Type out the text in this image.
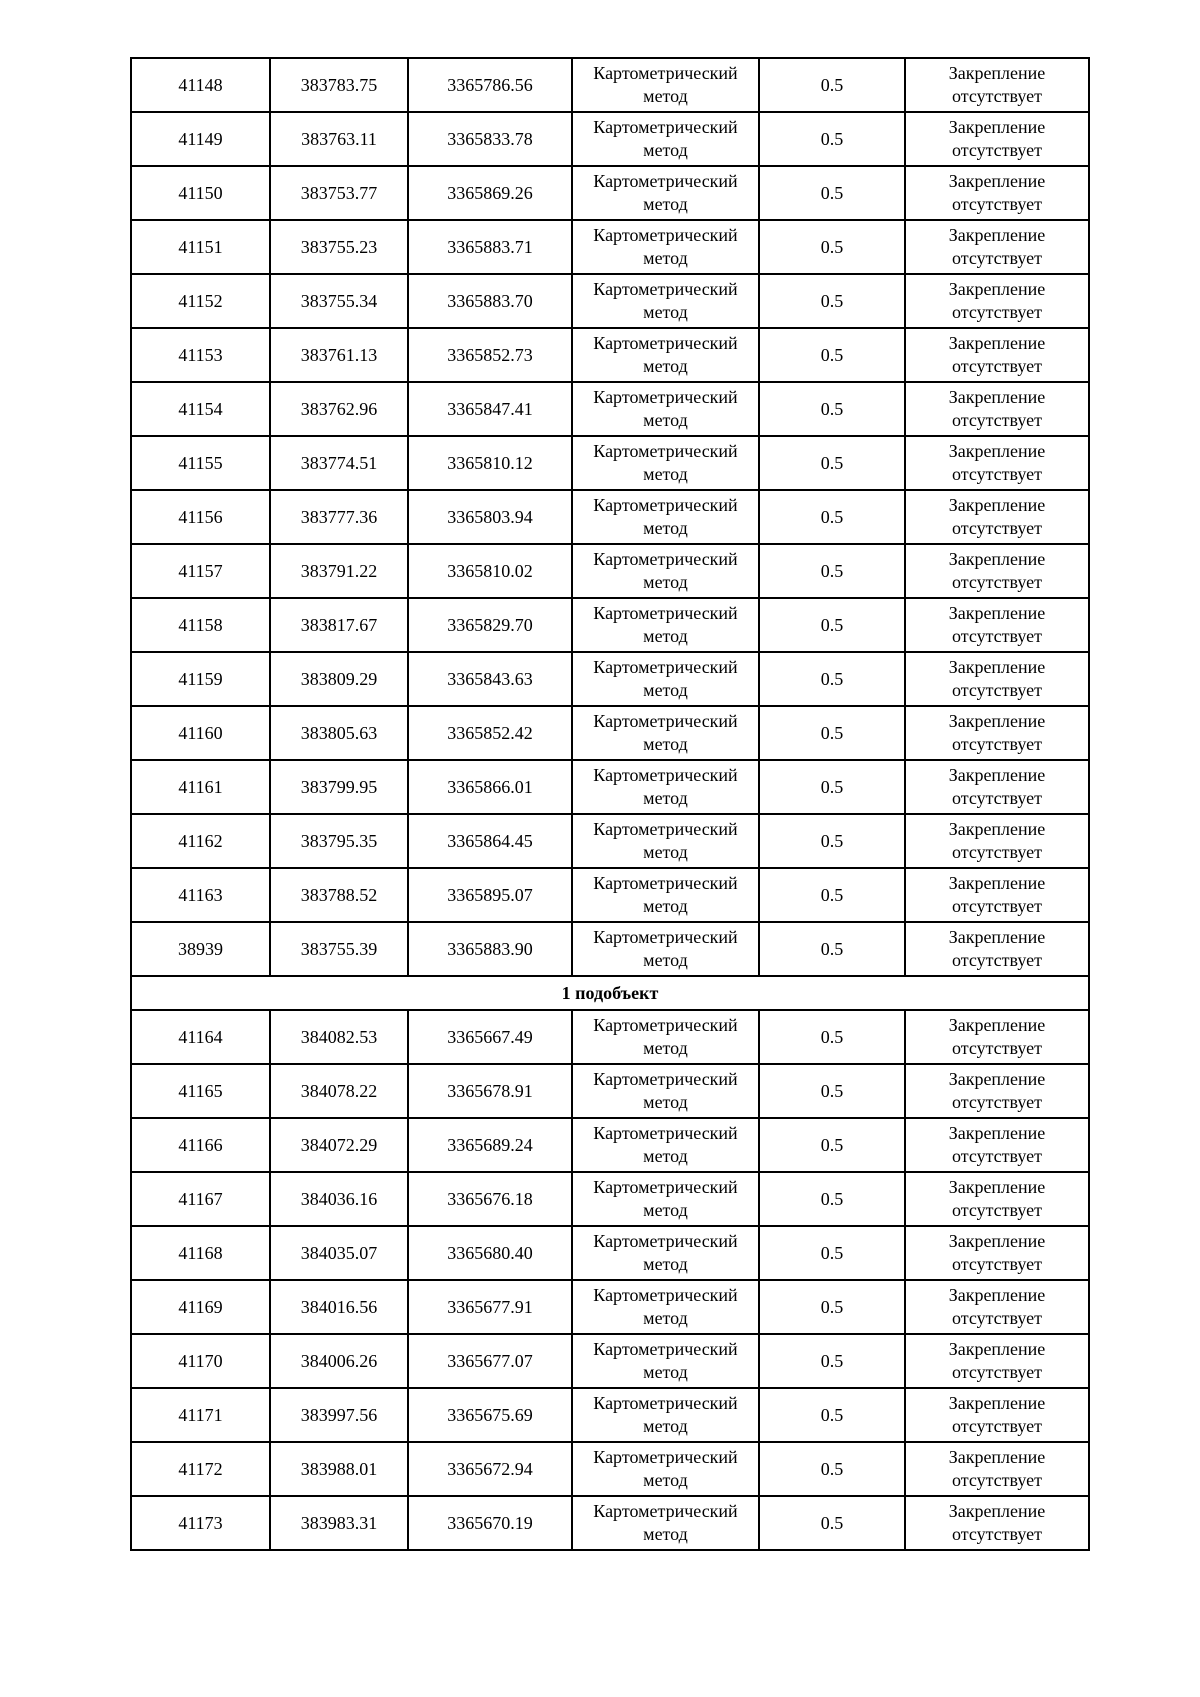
41148	383783.75	3365786.56	Картометрический метод	0.5	Закрепление отсутствует
41149	383763.11	3365833.78	Картометрический метод	0.5	Закрепление отсутствует
41150	383753.77	3365869.26	Картометрический метод	0.5	Закрепление отсутствует
41151	383755.23	3365883.71	Картометрический метод	0.5	Закрепление отсутствует
41152	383755.34	3365883.70	Картометрический метод	0.5	Закрепление отсутствует
41153	383761.13	3365852.73	Картометрический метод	0.5	Закрепление отсутствует
41154	383762.96	3365847.41	Картометрический метод	0.5	Закрепление отсутствует
41155	383774.51	3365810.12	Картометрический метод	0.5	Закрепление отсутствует
41156	383777.36	3365803.94	Картометрический метод	0.5	Закрепление отсутствует
41157	383791.22	3365810.02	Картометрический метод	0.5	Закрепление отсутствует
41158	383817.67	3365829.70	Картометрический метод	0.5	Закрепление отсутствует
41159	383809.29	3365843.63	Картометрический метод	0.5	Закрепление отсутствует
41160	383805.63	3365852.42	Картометрический метод	0.5	Закрепление отсутствует
41161	383799.95	3365866.01	Картометрический метод	0.5	Закрепление отсутствует
41162	383795.35	3365864.45	Картометрический метод	0.5	Закрепление отсутствует
41163	383788.52	3365895.07	Картометрический метод	0.5	Закрепление отсутствует
38939	383755.39	3365883.90	Картометрический метод	0.5	Закрепление отсутствует
1 подобъект					
41164	384082.53	3365667.49	Картометрический метод	0.5	Закрепление отсутствует
41165	384078.22	3365678.91	Картометрический метод	0.5	Закрепление отсутствует
41166	384072.29	3365689.24	Картометрический метод	0.5	Закрепление отсутствует
41167	384036.16	3365676.18	Картометрический метод	0.5	Закрепление отсутствует
41168	384035.07	3365680.40	Картометрический метод	0.5	Закрепление отсутствует
41169	384016.56	3365677.91	Картометрический метод	0.5	Закрепление отсутствует
41170	384006.26	3365677.07	Картометрический метод	0.5	Закрепление отсутствует
41171	383997.56	3365675.69	Картометрический метод	0.5	Закрепление отсутствует
41172	383988.01	3365672.94	Картометрический метод	0.5	Закрепление отсутствует
41173	383983.31	3365670.19	Картометрический метод	0.5	Закрепление отсутствует
